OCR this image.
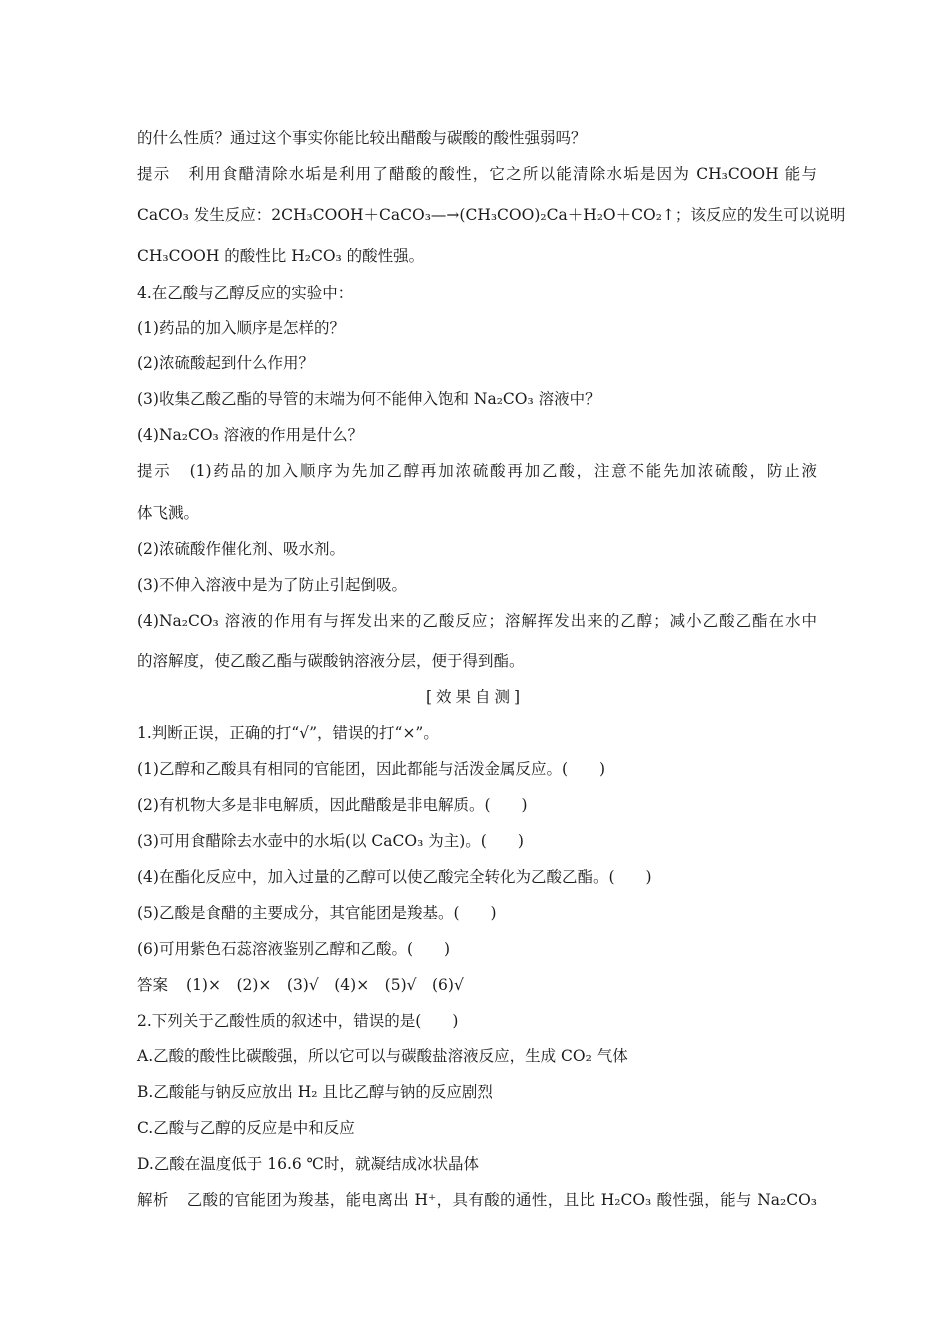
的什么性质？通过这个事实你能比较出醋酸与碳酸的酸性强弱吗？
提示 利用食醋清除水垢是利用了醋酸的酸性，它之所以能清除水垢是因为 CH₃COOH 能与
CaCO₃ 发生反应：2CH₃COOH＋CaCO₃—→(CH₃COO)₂Ca＋H₂O＋CO₂↑；该反应的发生可以说明
CH₃COOH 的酸性比 H₂CO₃ 的酸性强。
4.在乙酸与乙醇反应的实验中：
(1)药品的加入顺序是怎样的？
(2)浓硫酸起到什么作用？
(3)收集乙酸乙酯的导管的末端为何不能伸入饱和 Na₂CO₃ 溶液中？
(4)Na₂CO₃ 溶液的作用是什么？
提示 (1)药品的加入顺序为先加乙醇再加浓硫酸再加乙酸，注意不能先加浓硫酸，防止液
体飞溅。
(2)浓硫酸作催化剂、吸水剂。
(3)不伸入溶液中是为了防止引起倒吸。
(4)Na₂CO₃ 溶液的作用有与挥发出来的乙酸反应；溶解挥发出来的乙醇；减小乙酸乙酯在水中
的溶解度，使乙酸乙酯与碳酸钠溶液分层，便于得到酯。
[效果自测]
1.判断正误，正确的打“√”，错误的打“×”。
(1)乙醇和乙酸具有相同的官能团，因此都能与活泼金属反应。(　　)
(2)有机物大多是非电解质，因此醋酸是非电解质。(　　)
(3)可用食醋除去水壶中的水垢(以 CaCO₃ 为主)。(　　)
(4)在酯化反应中，加入过量的乙醇可以使乙酸完全转化为乙酸乙酯。(　　)
(5)乙酸是食醋的主要成分，其官能团是羧基。(　　)
(6)可用紫色石蕊溶液鉴别乙醇和乙酸。(　　)
答案 (1)×　(2)×　(3)√　(4)×　(5)√　(6)√
2.下列关于乙酸性质的叙述中，错误的是(　　)
A.乙酸的酸性比碳酸强，所以它可以与碳酸盐溶液反应，生成 CO₂ 气体
B.乙酸能与钠反应放出 H₂ 且比乙醇与钠的反应剧烈
C.乙酸与乙醇的反应是中和反应
D.乙酸在温度低于 16.6 ℃时，就凝结成冰状晶体
解析 乙酸的官能团为羧基，能电离出 H⁺，具有酸的通性，且比 H₂CO₃ 酸性强，能与 Na₂CO₃
